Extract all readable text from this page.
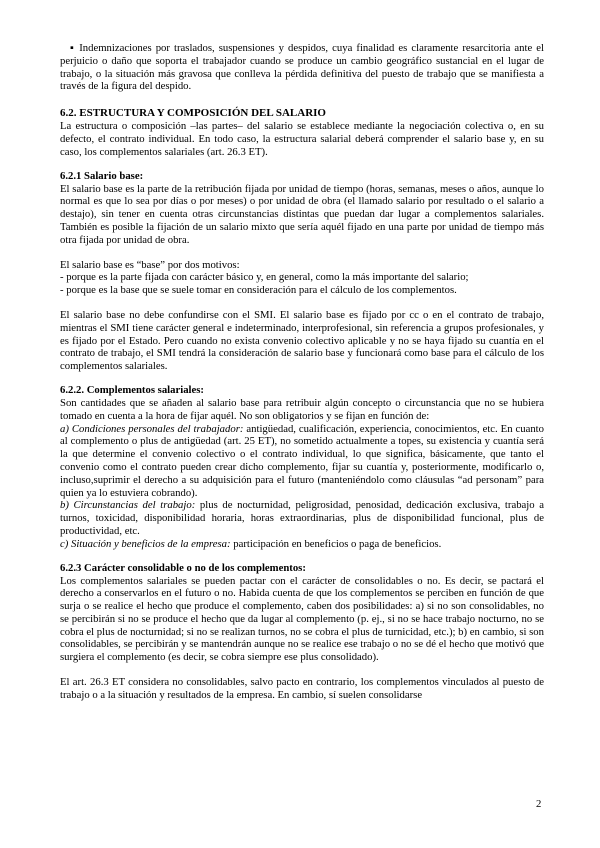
▪ Indemnizaciones por traslados, suspensiones y despidos, cuya finalidad es claramente resarcitoria ante el perjuicio o daño que soporta el trabajador cuando se produce un cambio geográfico sustancial en el lugar de trabajo, o la situación más gravosa que conlleva la pérdida definitiva del puesto de trabajo que se manifiesta a través de la figura del despido.

6.2. ESTRUCTURA Y COMPOSICIÓN DEL SALARIO

La estructura o composición –las partes– del salario se establece mediante la negociación colectiva o, en su defecto, el contrato individual. En todo caso, la estructura salarial deberá comprender el salario base y, en su caso, los complementos salariales (art. 26.3 ET).

6.2.1 Salario base:

El salario base es la parte de la retribución fijada por unidad de tiempo (horas, semanas, meses o años, aunque lo normal es que lo sea por días o por meses) o por unidad de obra (el llamado salario por resultado o el salario a destajo), sin tener en cuenta otras circunstancias distintas que puedan dar lugar a complementos salariales. También es posible la fijación de un salario mixto que sería aquél fijado en una parte por unidad de tiempo más otra fijada por unidad de obra.

El salario base es “base” por dos motivos:
- porque es la parte fijada con carácter básico y, en general, como la más importante del salario;
- porque es la base que se suele tomar en consideración para el cálculo de los complementos.

El salario base no debe confundirse con el SMI. El salario base es fijado por cc o en el contrato de trabajo, mientras el SMI tiene carácter general e indeterminado, interprofesional, sin referencia a grupos profesionales, y es fijado por el Estado. Pero cuando no exista convenio colectivo aplicable y no se haya fijado su cuantía en el contrato de trabajo, el SMI tendrá la consideración de salario base y funcionará como base para el cálculo de los complementos salariales.

6.2.2. Complementos salariales:

Son cantidades que se añaden al salario base para retribuir algún concepto o circunstancia que no se hubiera tomado en cuenta a la hora de fijar aquél. No son obligatorios y se fijan en función de:

a) Condiciones personales del trabajador: antigüedad, cualificación, experiencia, conocimientos, etc. En cuanto al complemento o plus de antigüedad (art. 25 ET), no sometido actualmente a topes, su existencia y cuantía será la que determine el convenio colectivo o el contrato individual, lo que significa, básicamente, que tanto el convenio como el contrato pueden crear dicho complemento, fijar su cuantía y, posteriormente, modificarlo o, incluso,suprimir el derecho a su adquisición para el futuro (manteniéndolo como cláusulas “ad personam” para quien ya lo estuviera cobrando).

b) Circunstancias del trabajo: plus de nocturnidad, peligrosidad, penosidad, dedicación exclusiva, trabajo a turnos, toxicidad, disponibilidad horaria, horas extraordinarias, plus de disponibilidad funcional, plus de productividad, etc.

c) Situación y beneficios de la empresa: participación en beneficios o paga de beneficios.

6.2.3 Carácter consolidable o no de los complementos:

Los complementos salariales se pueden pactar con el carácter de consolidables o no. Es decir, se pactará el derecho a conservarlos en el futuro o no. Habida cuenta de que los complementos se perciben en función de que surja o se realice el hecho que produce el complemento, caben dos posibilidades: a) si no son consolidables, no se percibirán si no se produce el hecho que da lugar al complemento (p. ej., si no se hace trabajo nocturno, no se cobra el plus de nocturnidad; si no se realizan turnos, no se cobra el plus de turnicidad, etc.); b) en cambio, si son consolidables, se percibirán y se mantendrán aunque no se realice ese trabajo o no se dé el hecho que motivó que surgiera el complemento (es decir, se cobra siempre ese plus consolidado).

El art. 26.3 ET considera no consolidables, salvo pacto en contrario, los complementos vinculados al puesto de trabajo o a la situación y resultados de la empresa. En cambio, sí suelen consolidarse

2
